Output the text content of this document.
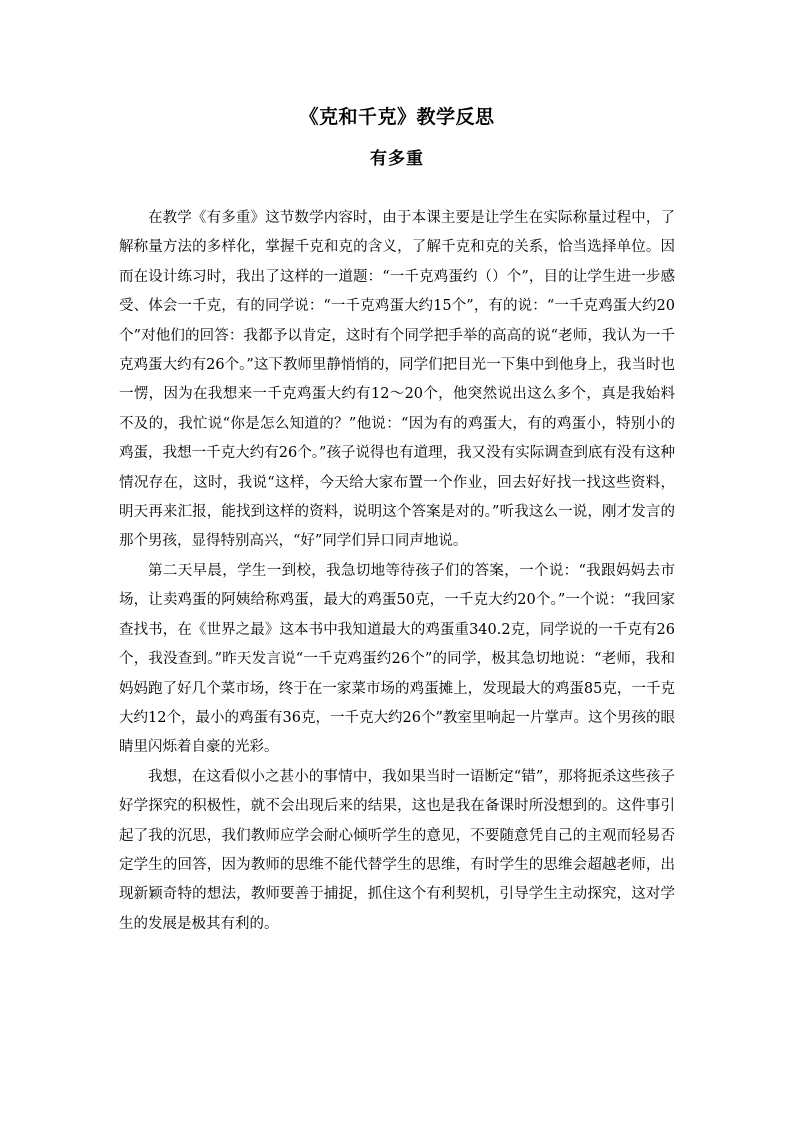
《克和千克》教学反思
有多重

在教学《有多重》这节数学内容时，由于本课主要是让学生在实际称量过程中，了解称量方法的多样化，掌握千克和克的含义，了解千克和克的关系，恰当选择单位。因而在设计练习时，我出了这样的一道题：“一千克鸡蛋约（）个”，目的让学生进一步感受、体会一千克，有的同学说：“一千克鸡蛋大约15个”，有的说：“一千克鸡蛋大约20个”对他们的回答：我都予以肯定，这时有个同学把手举的高高的说“老师，我认为一千克鸡蛋大约有26个。”这下教师里静悄悄的，同学们把目光一下集中到他身上，我当时也一愣，因为在我想来一千克鸡蛋大约有12～20个，他突然说出这么多个，真是我始料不及的，我忙说“你是怎么知道的？”他说：“因为有的鸡蛋大，有的鸡蛋小，特别小的鸡蛋，我想一千克大约有26个。”孩子说得也有道理，我又没有实际调查到底有没有这种情况存在，这时，我说“这样，今天给大家布置一个作业，回去好好找一找这些资料，明天再来汇报，能找到这样的资料，说明这个答案是对的。”听我这么一说，刚才发言的那个男孩，显得特别高兴，“好”同学们异口同声地说。

第二天早晨，学生一到校，我急切地等待孩子们的答案，一个说：“我跟妈妈去市场，让卖鸡蛋的阿姨给称鸡蛋，最大的鸡蛋50克，一千克大约20个。”一个说：“我回家查找书，在《世界之最》这本书中我知道最大的鸡蛋重340.2克，同学说的一千克有26个，我没查到。”昨天发言说“一千克鸡蛋约26个”的同学，极其急切地说：“老师，我和妈妈跑了好几个菜市场，终于在一家菜市场的鸡蛋摊上，发现最大的鸡蛋85克，一千克大约12个，最小的鸡蛋有36克，一千克大约26个”教室里响起一片掌声。这个男孩的眼睛里闪烁着自豪的光彩。

我想，在这看似小之甚小的事情中，我如果当时一语断定“错”，那将扼杀这些孩子好学探究的积极性，就不会出现后来的结果，这也是我在备课时所没想到的。这件事引起了我的沉思，我们教师应学会耐心倾听学生的意见，不要随意凭自己的主观而轻易否定学生的回答，因为教师的思维不能代替学生的思维，有时学生的思维会超越老师，出现新颖奇特的想法，教师要善于捕捉，抓住这个有利契机，引导学生主动探究，这对学生的发展是极其有利的。
